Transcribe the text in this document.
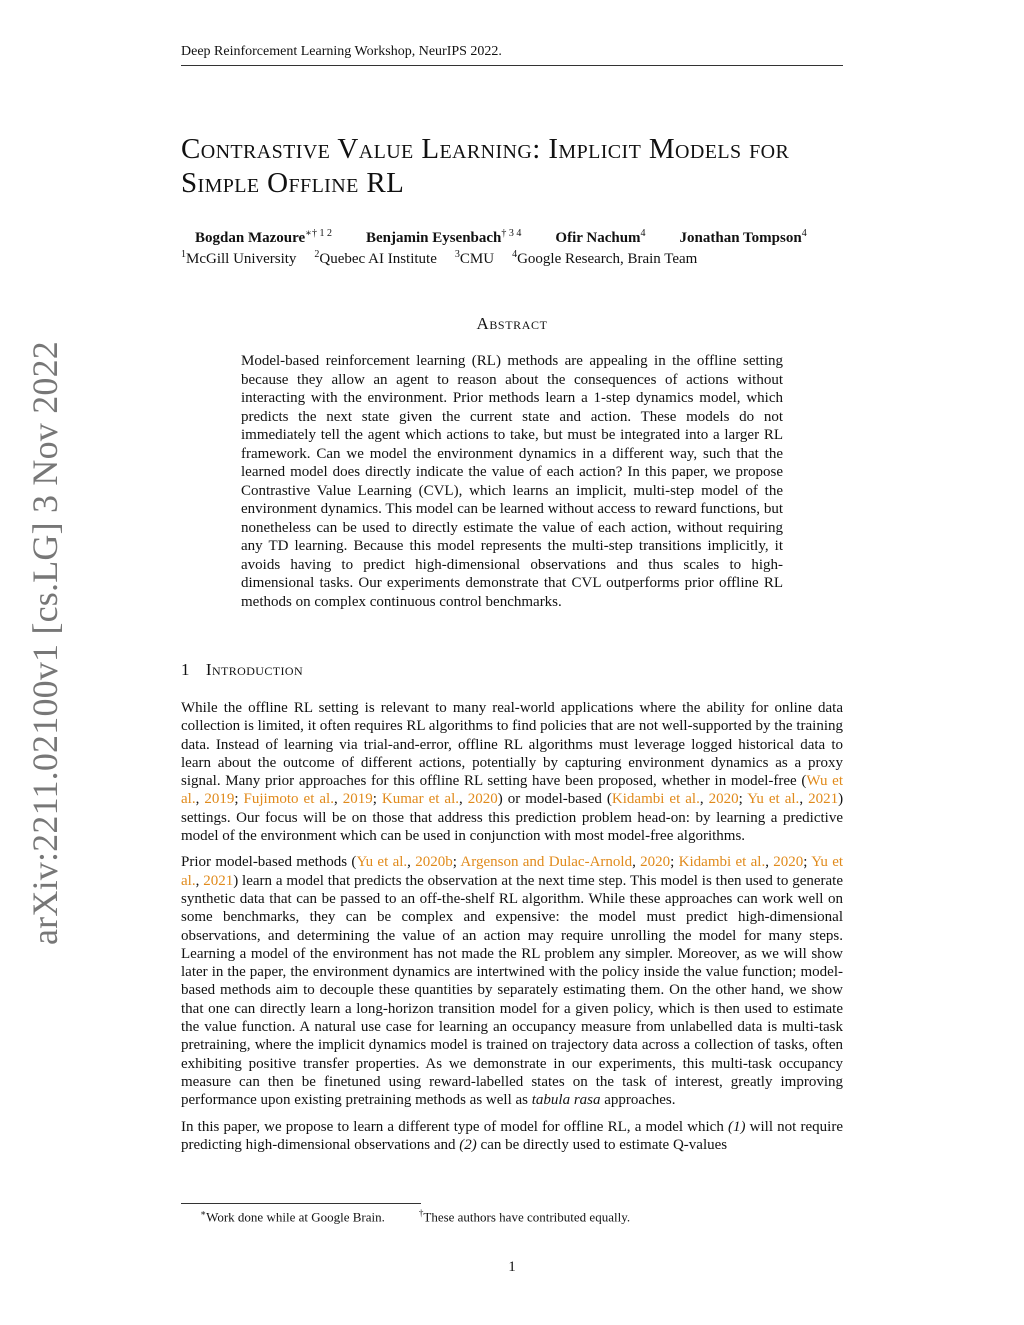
Deep Reinforcement Learning Workshop, NeurIPS 2022.
arXiv:2211.02100v1 [cs.LG] 3 Nov 2022
Contrastive Value Learning: Implicit Models for Simple Offline RL
Bogdan Mazoure$^{∗\dagger 1 2}$ Benjamin Eysenbach$^{\dagger 3 4}$ Ofir Nachum$^4$ Jonathan Tompson$^4$
$^1$McGill University $^2$Quebec AI Institute $^3$CMU $^4$Google Research, Brain Team
Abstract
Model-based reinforcement learning (RL) methods are appealing in the offline setting because they allow an agent to reason about the consequences of actions without interacting with the environment. Prior methods learn a 1-step dynamics model, which predicts the next state given the current state and action. These models do not immediately tell the agent which actions to take, but must be integrated into a larger RL framework. Can we model the environment dynamics in a different way, such that the learned model does directly indicate the value of each action? In this paper, we propose Contrastive Value Learning (CVL), which learns an implicit, multi-step model of the environment dynamics. This model can be learned without access to reward functions, but nonetheless can be used to directly estimate the value of each action, without requiring any TD learning. Because this model represents the multi-step transitions implicitly, it avoids having to predict high-dimensional observations and thus scales to high-dimensional tasks. Our experiments demonstrate that CVL outperforms prior offline RL methods on complex continuous control benchmarks.
1 Introduction

While the offline RL setting is relevant to many real-world applications where the ability for online data collection is limited, it often requires RL algorithms to find policies that are not well-supported by the training data. Instead of learning via trial-and-error, offline RL algorithms must leverage logged historical data to learn about the outcome of different actions, potentially by capturing environment dynamics as a proxy signal. Many prior approaches for this offline RL setting have been proposed, whether in model-free (Wu et al., 2019; Fujimoto et al., 2019; Kumar et al., 2020) or model-based (Kidambi et al., 2020; Yu et al., 2021) settings. Our focus will be on those that address this prediction problem head-on: by learning a predictive model of the environment which can be used in conjunction with most model-free algorithms.

Prior model-based methods (Yu et al., 2020b; Argenson and Dulac-Arnold, 2020; Kidambi et al., 2020; Yu et al., 2021) learn a model that predicts the observation at the next time step. This model is then used to generate synthetic data that can be passed to an off-the-shelf RL algorithm. While these approaches can work well on some benchmarks, they can be complex and expensive: the model must predict high-dimensional observations, and determining the value of an action may require unrolling the model for many steps. Learning a model of the environment has not made the RL problem any simpler. Moreover, as we will show later in the paper, the environment dynamics are intertwined with the policy inside the value function; model-based methods aim to decouple these quantities by separately estimating them. On the other hand, we show that one can directly learn a long-horizon transition model for a given policy, which is then used to estimate the value function. A natural use case for learning an occupancy measure from unlabelled data is multi-task pretraining, where the implicit dynamics model is trained on trajectory data across a collection of tasks, often exhibiting positive transfer properties. As we demonstrate in our experiments, this multi-task occupancy measure can then be finetuned using reward-labelled states on the task of interest, greatly improving performance upon existing pretraining methods as well as tabula rasa approaches.

In this paper, we propose to learn a different type of model for offline RL, a model which (1) will not require predicting high-dimensional observations and (2) can be directly used to estimate Q-values

∗Work done while at Google Brain.	†These authors have contributed equally.
1
